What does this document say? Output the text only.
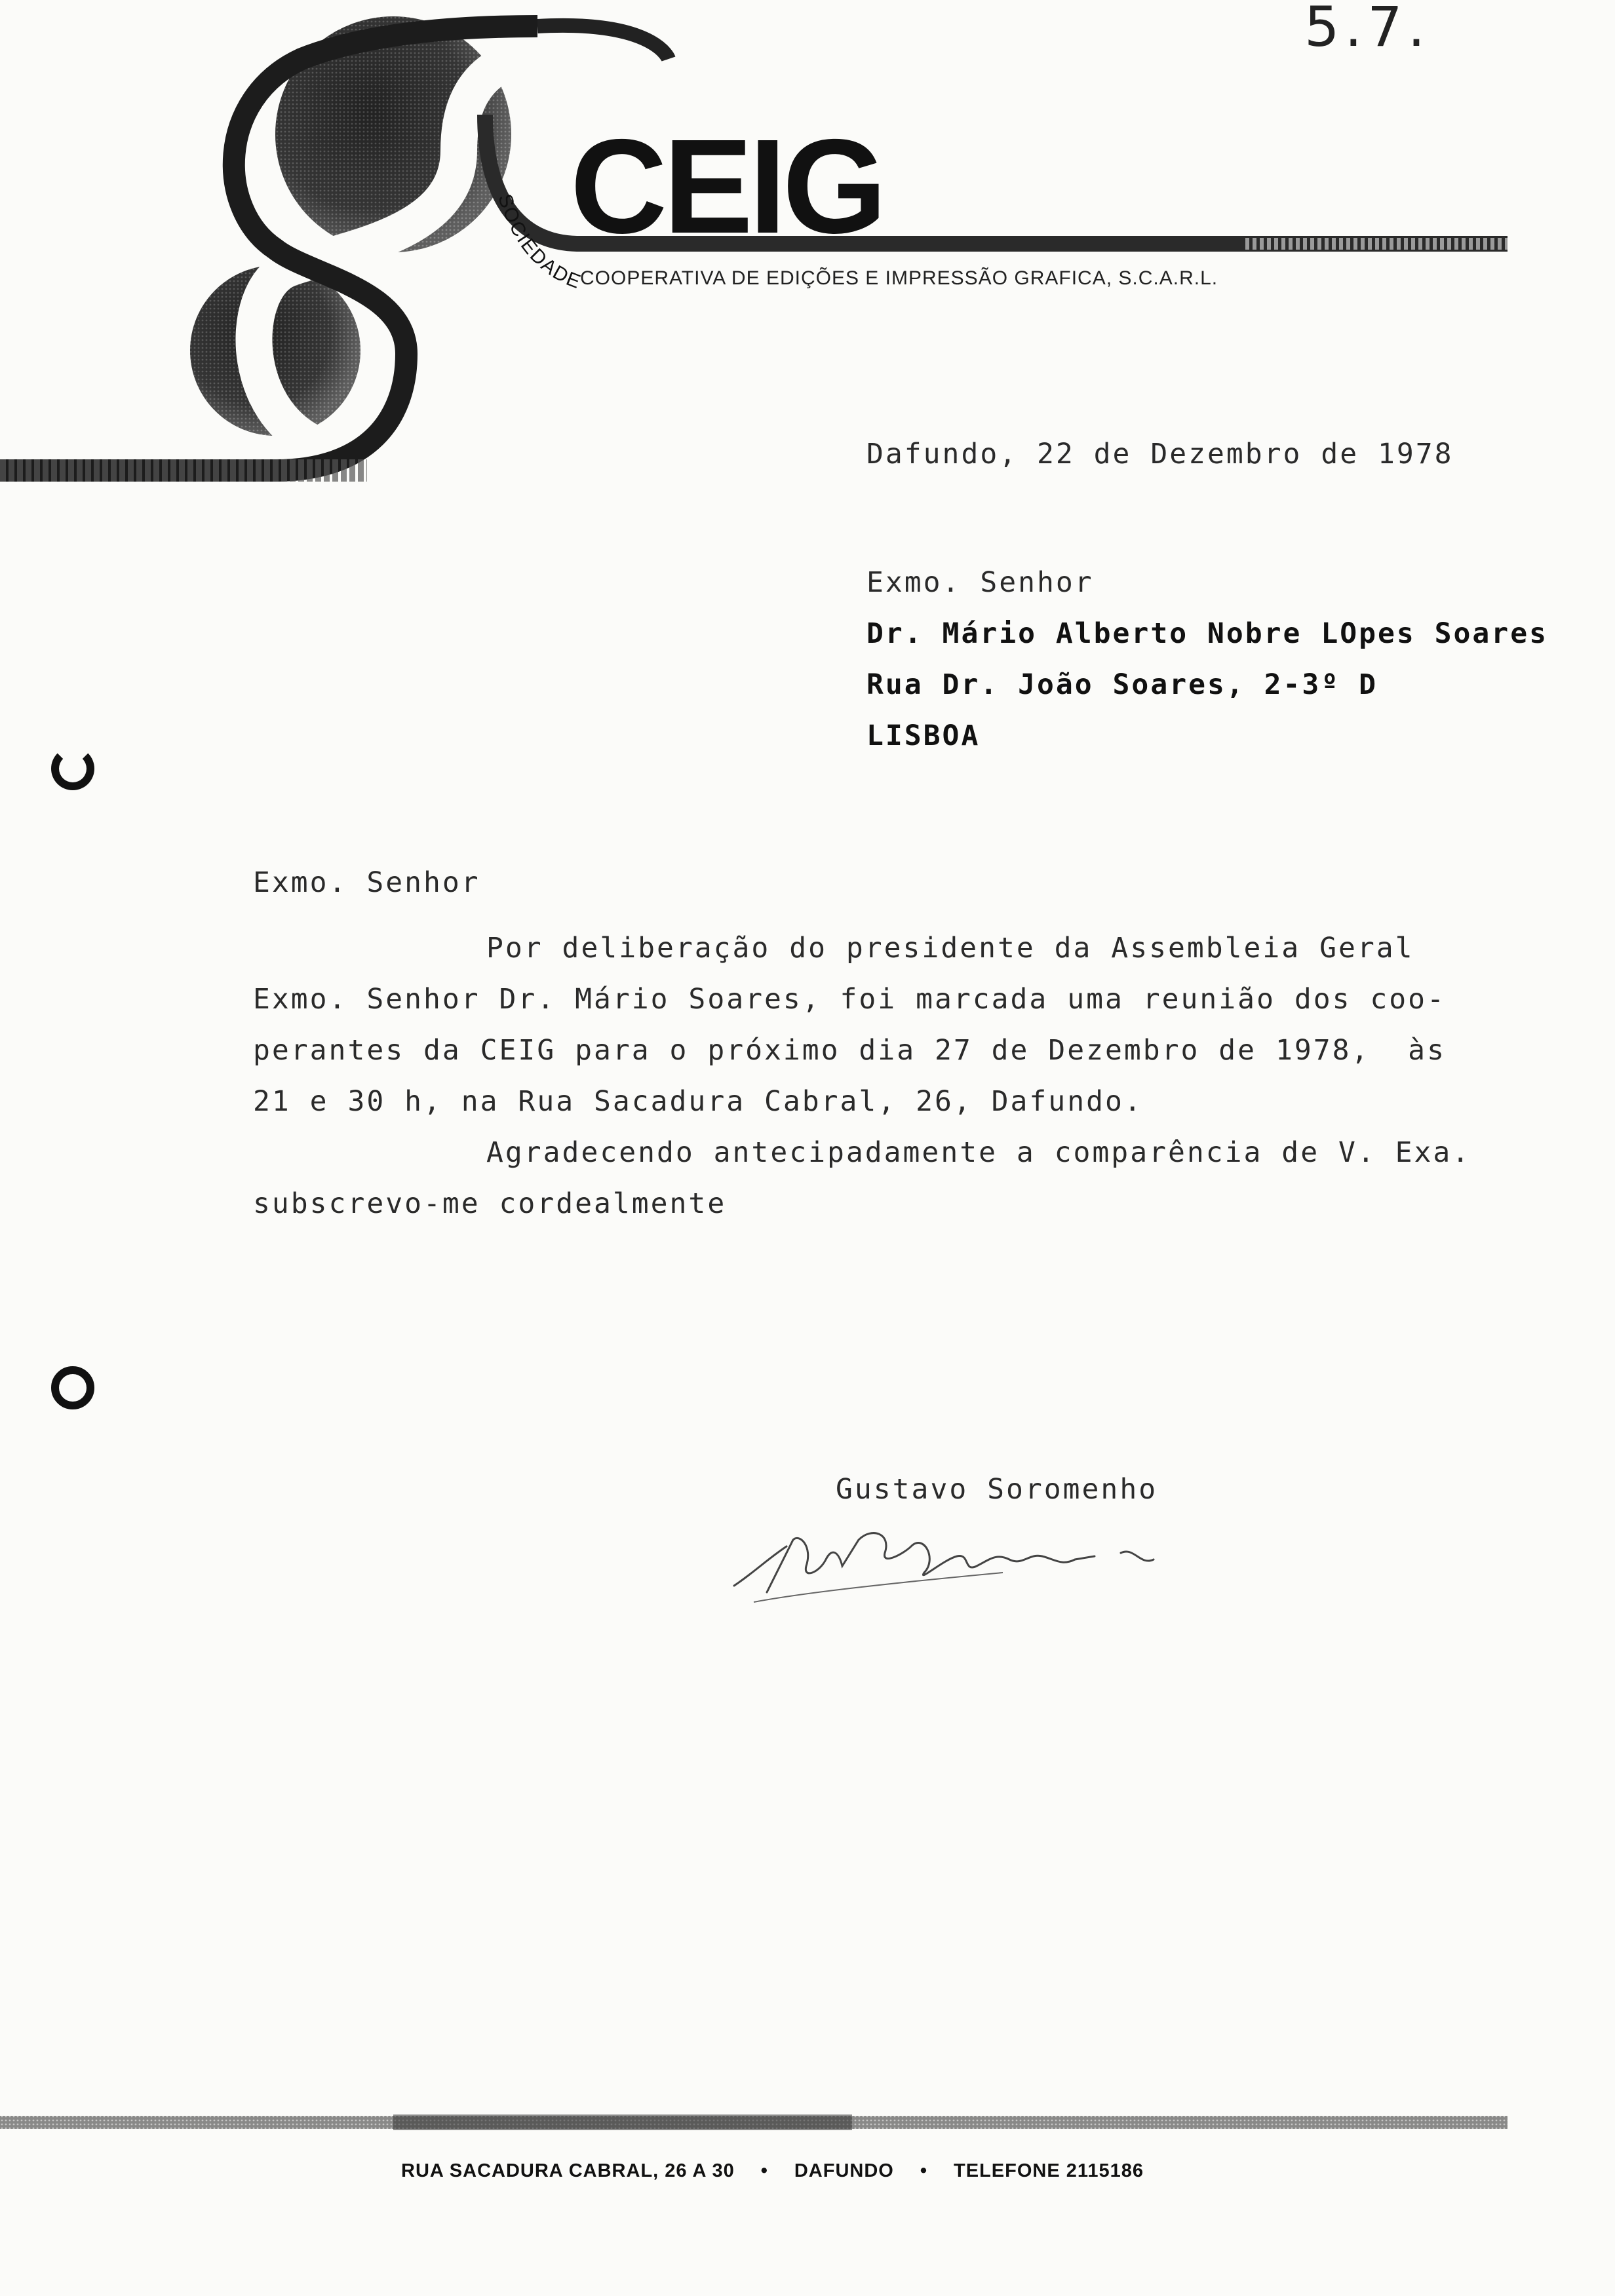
5.7.
CEIG
SOCIEDADE
COOPERATIVA DE EDIÇÕES E IMPRESSÃO GRAFICA, S.C.A.R.L.
Dafundo, 22 de Dezembro de 1978
Exmo. Senhor
Dr. Mário Alberto Nobre LOpes Soares
Rua Dr. João Soares, 2-3º D
LISBOA
Exmo. Senhor
Por deliberação do presidente da Assembleia Geral
Exmo. Senhor Dr. Mário Soares, foi marcada uma reunião dos coo-
perantes da CEIG para o próximo dia 27 de Dezembro de 1978,  às
21 e 30 h, na Rua Sacadura Cabral, 26, Dafundo.
Agradecendo antecipadamente a comparência de V. Exa.
subscrevo-me cordealmente
Gustavo Soromenho
RUA SACADURA CABRAL, 26 A 30 • DAFUNDO • TELEFONE 2115186
